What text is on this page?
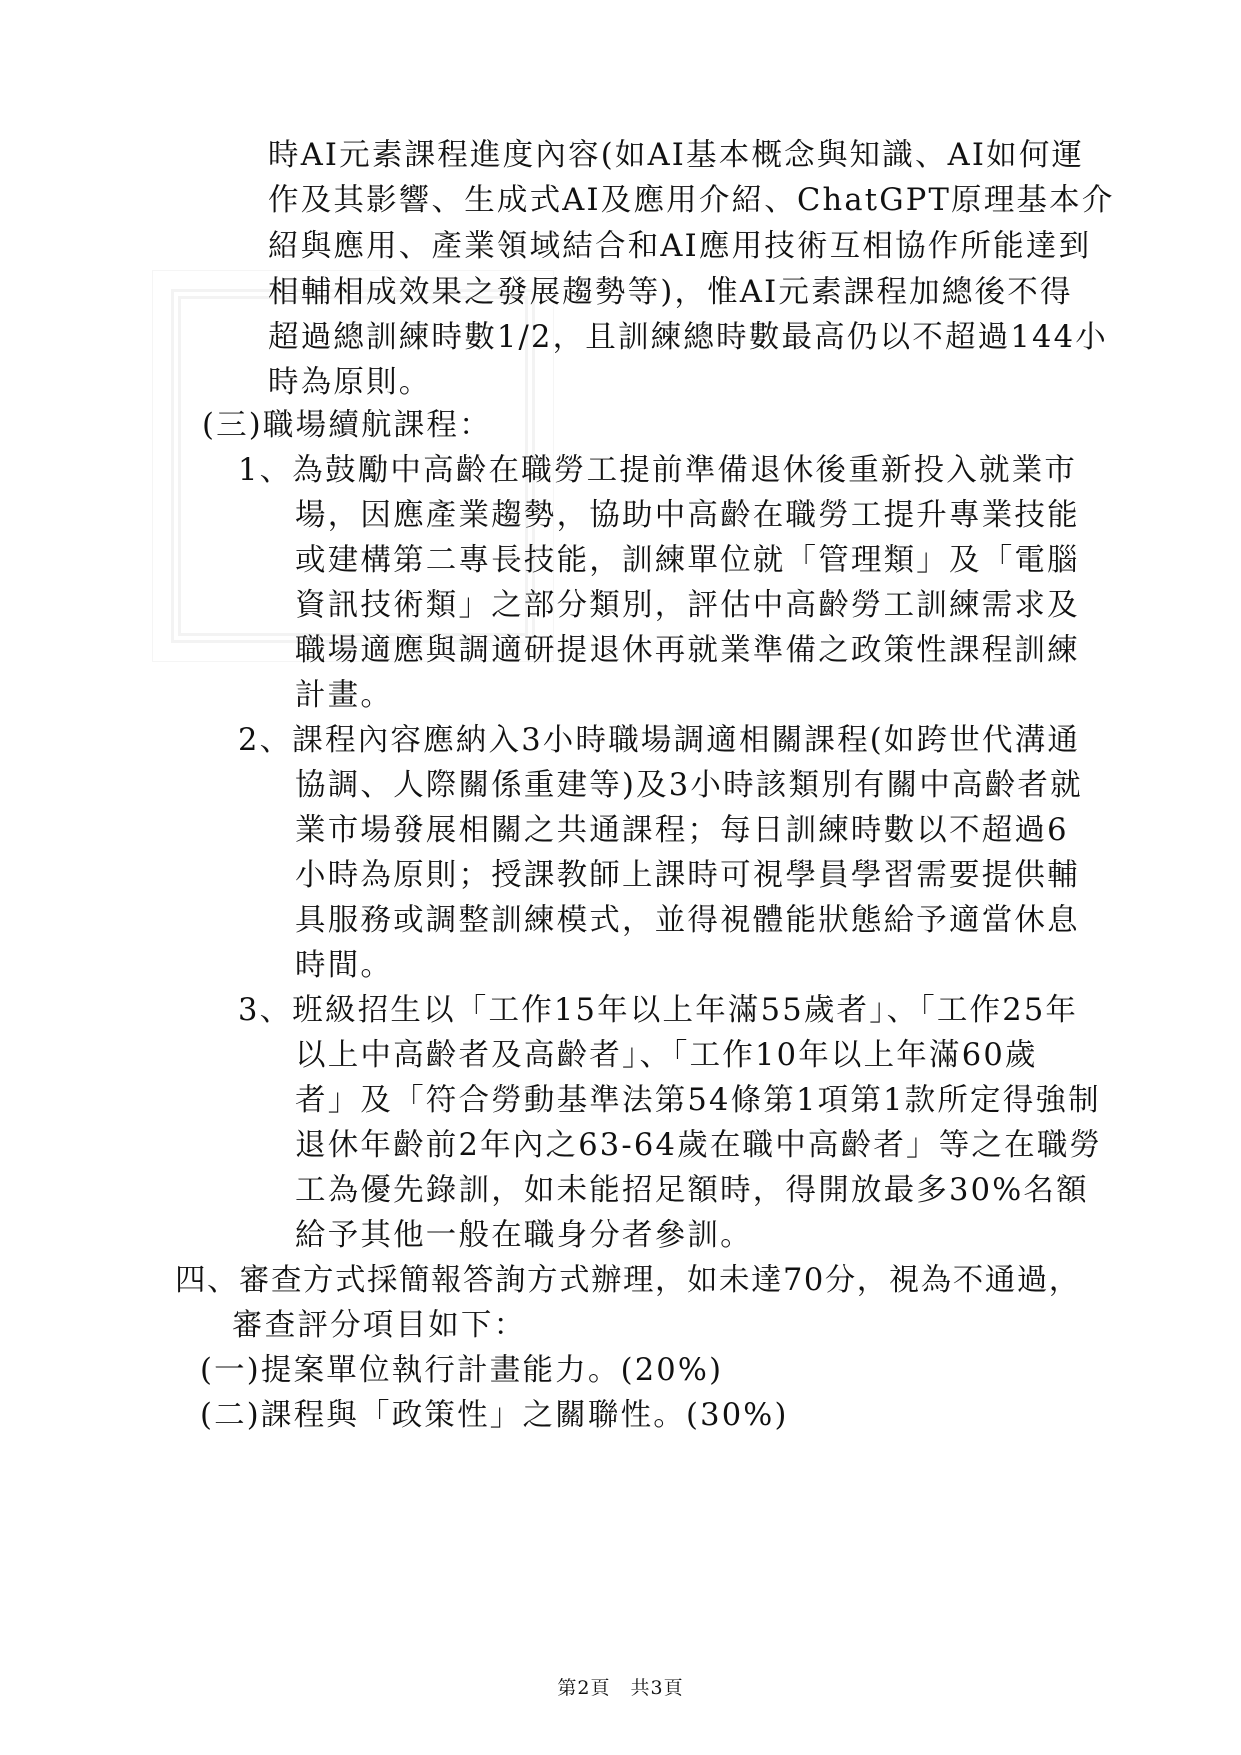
時AI元素課程進度內容(如AI基本概念與知識、AI如何運
作及其影響、生成式AI及應用介紹、ChatGPT原理基本介
紹與應用、產業領域結合和AI應用技術互相協作所能達到
相輔相成效果之發展趨勢等)，惟AI元素課程加總後不得
超過總訓練時數1/2，且訓練總時數最高仍以不超過144小
時為原則。
(三)職場續航課程：
1、為鼓勵中高齡在職勞工提前準備退休後重新投入就業市
場，因應產業趨勢，協助中高齡在職勞工提升專業技能
或建構第二專長技能，訓練單位就「管理類」及「電腦
資訊技術類」之部分類別，評估中高齡勞工訓練需求及
職場適應與調適研提退休再就業準備之政策性課程訓練
計畫。
2、課程內容應納入3小時職場調適相關課程(如跨世代溝通
協調、人際關係重建等)及3小時該類別有關中高齡者就
業市場發展相關之共通課程；每日訓練時數以不超過6
小時為原則；授課教師上課時可視學員學習需要提供輔
具服務或調整訓練模式，並得視體能狀態給予適當休息
時間。
3、班級招生以「工作15年以上年滿55歲者」、「工作25年
以上中高齡者及高齡者」、「工作10年以上年滿60歲
者」及「符合勞動基準法第54條第1項第1款所定得強制
退休年齡前2年內之63-64歲在職中高齡者」等之在職勞
工為優先錄訓，如未能招足額時，得開放最多30%名額
給予其他一般在職身分者參訓。
四、審查方式採簡報答詢方式辦理，如未達70分，視為不通過，
審查評分項目如下：
(一)提案單位執行計畫能力。(20%)
(二)課程與「政策性」之關聯性。(30%)
第2頁　共3頁
